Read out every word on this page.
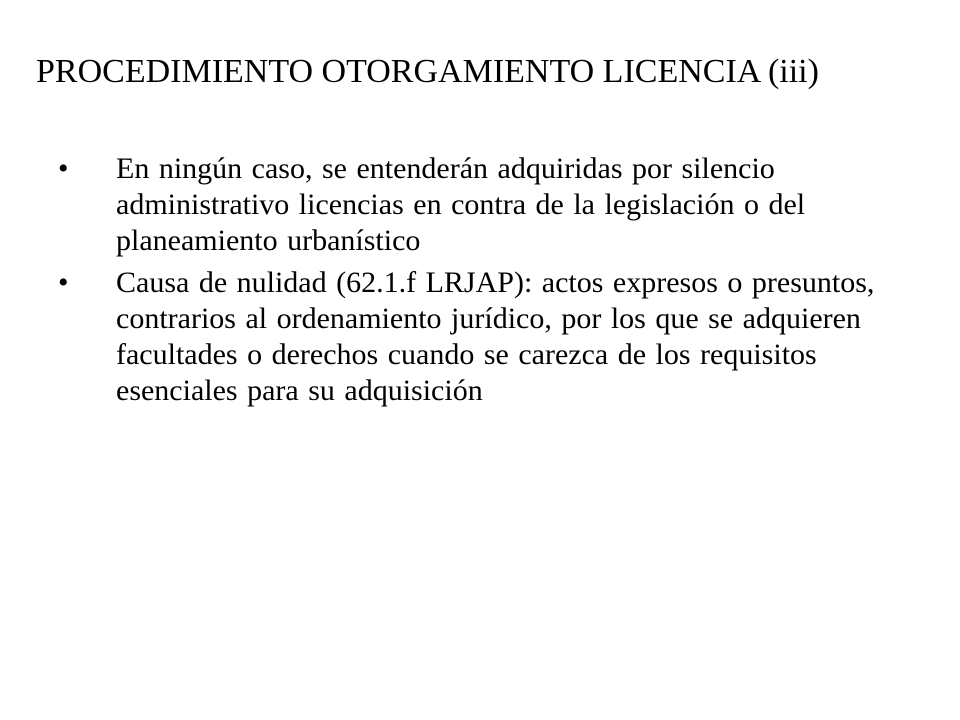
PROCEDIMIENTO OTORGAMIENTO LICENCIA (iii)
•	En ningún caso, se entenderán adquiridas por silencio administrativo licencias en contra de la legislación o del planeamiento urbanístico
•	Causa de nulidad (62.1.f LRJAP): actos expresos o presuntos, contrarios al ordenamiento jurídico, por los que se adquieren facultades o derechos cuando se carezca de los requisitos esenciales para su adquisición
